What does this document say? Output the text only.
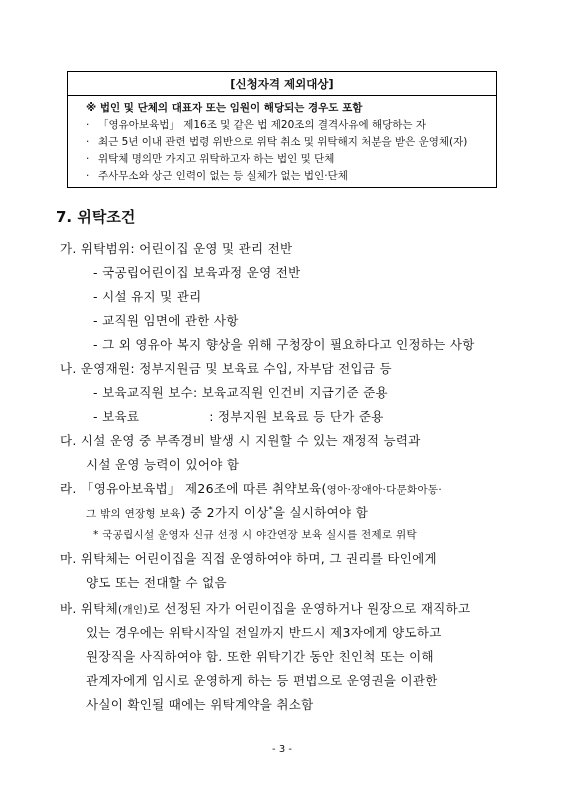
[신청자격 제외대상]
※ 법인 및 단체의 대표자 또는 임원이 해당되는 경우도 포함
· 「영유아보육법」 제16조 및 같은 법 제20조의 결격사유에 해당하는 자
· 최근 5년 이내 관련 법령 위반으로 위탁 취소 및 위탁해지 처분을 받은 운영체(자)
· 위탁체 명의만 가지고 위탁하고자 하는 법인 및 단체
· 주사무소와 상근 인력이 없는 등 실체가 없는 법인·단체
7. 위탁조건
가. 위탁범위: 어린이집 운영 및 관리 전반
- 국공립어린이집 보육과정 운영 전반
- 시설 유지 및 관리
- 교직원 임면에 관한 사항
- 그 외 영유아 복지 향상을 위해 구청장이 필요하다고 인정하는 사항
나. 운영재원: 정부지원금 및 보육료 수입, 자부담 전입금 등
- 보육교직원 보수: 보육교직원 인건비 지급기준 준용
- 보육료	: 정부지원 보육료 등 단가 준용
다. 시설 운영 중 부족경비 발생 시 지원할 수 있는 재정적 능력과
시설 운영 능력이 있어야 함
라. 「영유아보육법」 제26조에 따른 취약보육(영아·장애아·다문화아동·
그 밖의 연장형 보육) 중 2가지 이상*을 실시하여야 함
* 국공립시설 운영자 신규 선정 시 야간연장 보육 실시를 전제로 위탁
마. 위탁체는 어린이집을 직접 운영하여야 하며, 그 권리를 타인에게
양도 또는 전대할 수 없음
바. 위탁체(개인)로 선정된 자가 어린이집을 운영하거나 원장으로 재직하고
있는 경우에는 위탁시작일 전일까지 반드시 제3자에게 양도하고
원장직을 사직하여야 함. 또한 위탁기간 동안 친인척 또는 이해
관계자에게 임시로 운영하게 하는 등 편법으로 운영권을 이관한
사실이 확인될 때에는 위탁계약을 취소함
- 3 -
